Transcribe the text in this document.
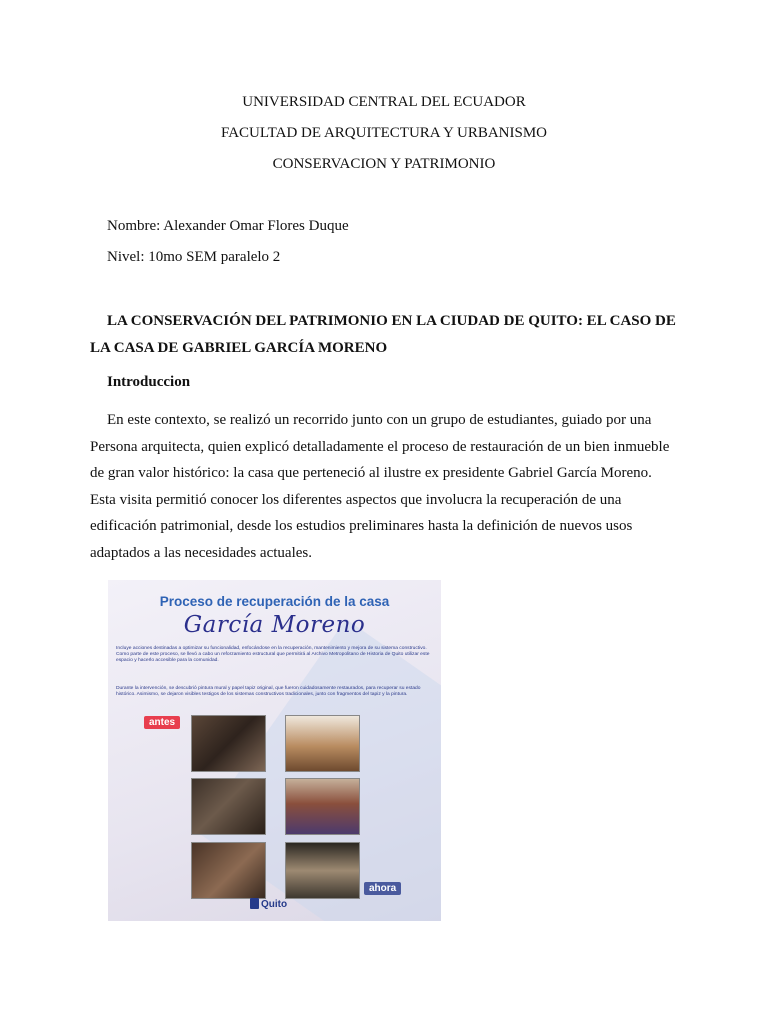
UNIVERSIDAD CENTRAL DEL ECUADOR
FACULTAD DE ARQUITECTURA Y URBANISMO
CONSERVACION Y PATRIMONIO
Nombre: Alexander Omar Flores Duque
Nivel: 10mo SEM paralelo 2
LA CONSERVACIÓN DEL PATRIMONIO EN LA CIUDAD DE QUITO: EL CASO DE LA CASA DE GABRIEL GARCÍA MORENO
Introduccion
En este contexto, se realizó un recorrido junto con un grupo de estudiantes, guiado por una Persona arquitecta, quien explicó detalladamente el proceso de restauración de un bien inmueble de gran valor histórico: la casa que perteneció al ilustre ex presidente Gabriel García Moreno. Esta visita permitió conocer los diferentes aspectos que involucra la recuperación de una edificación patrimonial, desde los estudios preliminares hasta la definición de nuevos usos adaptados a las necesidades actuales.
Proceso de recuperación de la casa
García Moreno
Incluye acciones destinadas a optimizar su funcionalidad, enfocándose en la recuperación, mantenimiento y mejora de su sistema constructivo. Como parte de este proceso, se llevó a cabo un reforzamiento estructural que permitirá al Archivo Metropolitano de Historia de Quito utilizar este espacio y hacerlo accesible para la comunidad.
Durante la intervención, se descubrió pintura mural y papel tapiz original, que fueron cuidadosamente restaurados, para recuperar su estado histórico. Asimismo, se dejaron visibles testigos de los sistemas constructivos tradicionales, junto con fragmentos del tapiz y la pintura.
antes
ahora
Quito
